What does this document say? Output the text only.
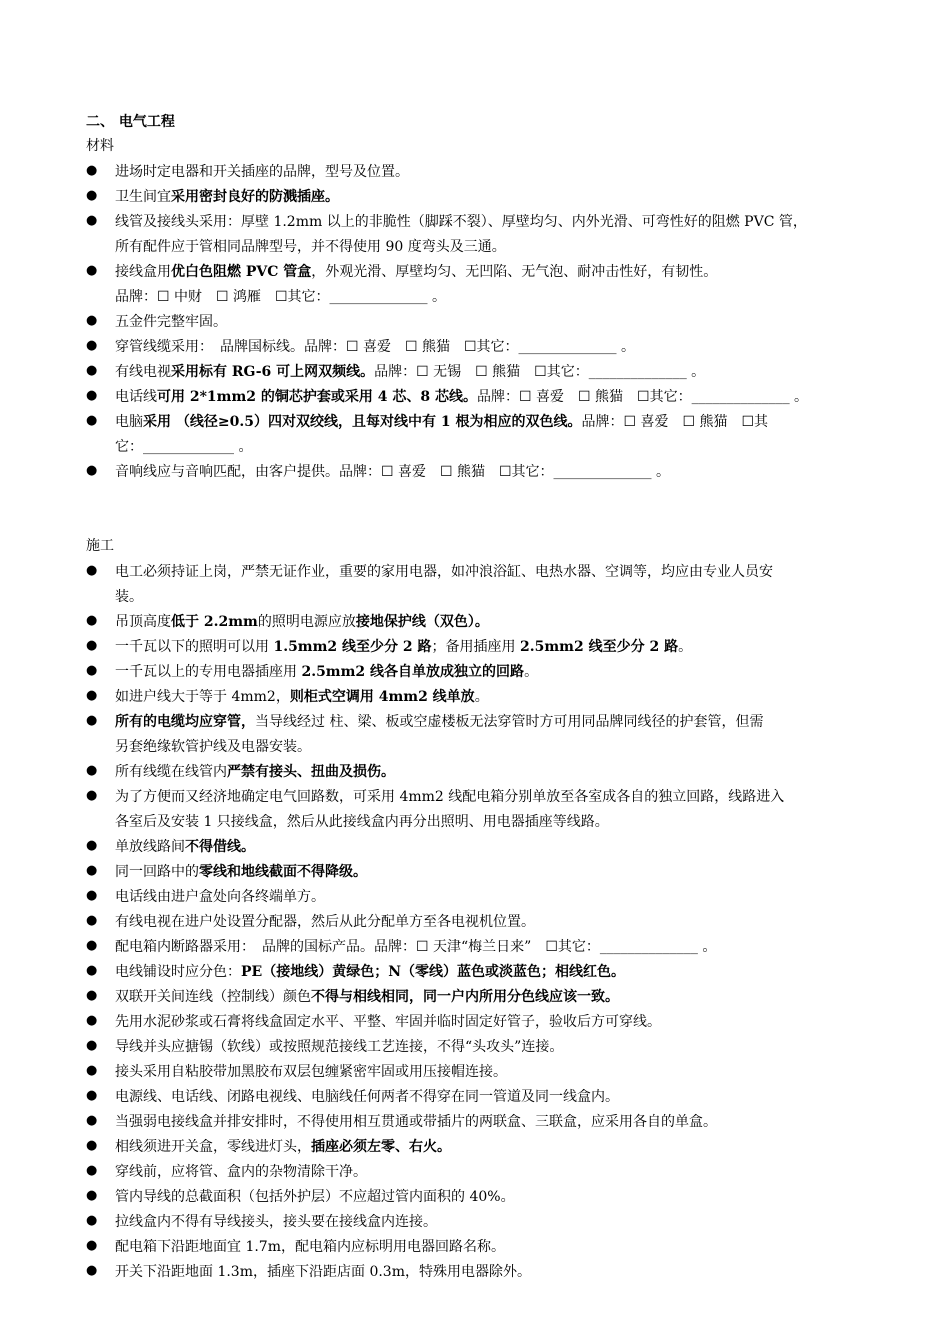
二、 电气工程
材料
● 进场时定电器和开关插座的品牌，型号及位置。
● 卫生间宜采用密封良好的防溅插座。
● 线管及接线头采用：厚壁 1.2mm 以上的非脆性（脚踩不裂）、厚壁均匀、内外光滑、可弯性好的阻燃 PVC 管，
所有配件应于管相同品牌型号，并不得使用 90 度弯头及三通。
● 接线盒用优白色阻燃 PVC 管盒，外观光滑、厚壁均匀、无凹陷、无气泡、耐冲击性好，有韧性。
品牌：☐ 中财　☐ 鸿雁　☐其它：______________ 。
● 五金件完整牢固。
● 穿管线缆采用：　品牌国标线。品牌：☐ 喜爱　☐ 熊猫　☐其它：______________ 。
● 有线电视采用标有 RG-6 可上网双频线。品牌：☐ 无锡　☐ 熊猫　☐其它：______________ 。
● 电话线可用 2*1mm2 的铜芯护套或采用 4 芯、8 芯线。品牌：☐ 喜爱　☐ 熊猫　☐其它：______________ 。
● 电脑采用 （线径≥0.5）四对双绞线，且每对线中有 1 根为相应的双色线。品牌：☐ 喜爱　☐ 熊猫　☐其
它：_____________ 。
● 音响线应与音响匹配，由客户提供。品牌：☐ 喜爱　☐ 熊猫　☐其它：______________ 。
施工
● 电工必须持证上岗，严禁无证作业，重要的家用电器，如冲浪浴缸、电热水器、空调等，均应由专业人员安
装。
● 吊顶高度低于 2.2mm的照明电源应放接地保护线（双色）。
● 一千瓦以下的照明可以用 1.5mm2 线至少分 2 路；备用插座用 2.5mm2 线至少分 2 路。
● 一千瓦以上的专用电器插座用 2.5mm2 线各自单放成独立的回路。
● 如进户线大于等于 4mm2，则柜式空调用 4mm2 线单放。
● 所有的电缆均应穿管，当导线经过 柱、梁、板或空虚楼板无法穿管时方可用同品牌同线径的护套管，但需
另套绝缘软管护线及电器安装。
● 所有线缆在线管内严禁有接头、扭曲及损伤。
● 为了方便而又经济地确定电气回路数，可采用 4mm2 线配电箱分别单放至各室成各自的独立回路，线路进入
各室后及安装 1 只接线盒，然后从此接线盒内再分出照明、用电器插座等线路。
● 单放线路间不得借线。
● 同一回路中的零线和地线截面不得降级。
● 电话线由进户盒处向各终端单方。
● 有线电视在进户处设置分配器，然后从此分配单方至各电视机位置。
● 配电箱内断路器采用：　品牌的国标产品。品牌：☐ 天津“梅兰日来”　☐其它：______________ 。
● 电线铺设时应分色：PE（接地线）黄绿色；N（零线）蓝色或淡蓝色；相线红色。
● 双联开关间连线（控制线）颜色不得与相线相同，同一户内所用分色线应该一致。
● 先用水泥砂浆或石膏将线盒固定水平、平整、牢固并临时固定好管子，验收后方可穿线。
● 导线并头应搪锡（软线）或按照规范接线工艺连接，不得“头攻头”连接。
● 接头采用自粘胶带加黑胶布双层包缠紧密牢固或用压接帽连接。
● 电源线、电话线、闭路电视线、电脑线任何两者不得穿在同一管道及同一线盒内。
● 当强弱电接线盒并排安排时，不得使用相互贯通或带插片的两联盒、三联盒，应采用各自的单盒。
● 相线须进开关盒，零线进灯头，插座必须左零、右火。
● 穿线前，应将管、盒内的杂物清除干净。
● 管内导线的总截面积（包括外护层）不应超过管内面积的 40%。
● 拉线盒内不得有导线接头，接头要在接线盒内连接。
● 配电箱下沿距地面宜 1.7m，配电箱内应标明用电器回路名称。
● 开关下沿距地面 1.3m，插座下沿距店面 0.3m，特殊用电器除外。
